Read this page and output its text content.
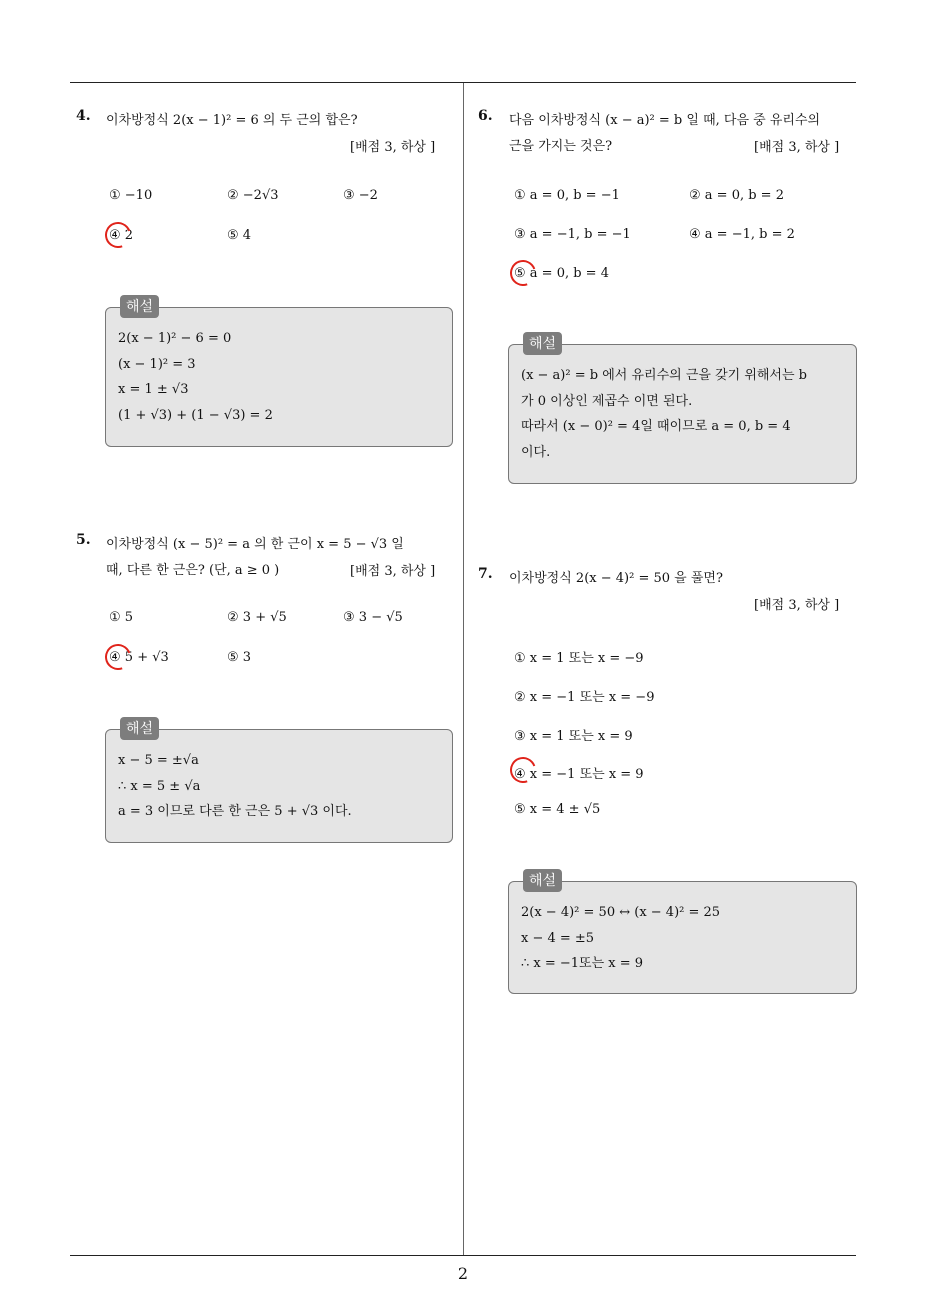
2
4. 이차방정식 2(x − 1)² = 6 의 두 근의 합은?
[배점 3, 하상 ]
① −10	② −2√3	③ −2
④ 2	⑤ 4
해설
2(x − 1)² − 6 = 0
(x − 1)² = 3
x = 1 ± √3
(1 + √3) + (1 − √3) = 2
5. 이차방정식 (x − 5)² = a 의 한 근이 x = 5 − √3 일
때, 다른 한 근은? (단, a ≥ 0 )	[배점 3, 하상 ]
① 5	② 3 + √5	③ 3 − √5
④ 5 + √3	⑤ 3
해설
x − 5 = ±√a
∴ x = 5 ± √a
a = 3 이므로 다른 한 근은 5 + √3 이다.
6. 다음 이차방정식 (x − a)² = b 일 때, 다음 중 유리수의
근을 가지는 것은?	[배점 3, 하상 ]
① a = 0, b = −1	② a = 0, b = 2
③ a = −1, b = −1	④ a = −1, b = 2
⑤ a = 0, b = 4
해설
(x − a)² = b 에서 유리수의 근을 갖기 위해서는 b
가 0 이상인 제곱수 이면 된다.
따라서 (x − 0)² = 4일 때이므로 a = 0, b = 4
이다.
7. 이차방정식 2(x − 4)² = 50 을 풀면?
[배점 3, 하상 ]
① x = 1 또는 x = −9
② x = −1 또는 x = −9
③ x = 1 또는 x = 9
④ x = −1 또는 x = 9
⑤ x = 4 ± √5
해설
2(x − 4)² = 50 ↔ (x − 4)² = 25
x − 4 = ±5
∴ x = −1또는 x = 9
